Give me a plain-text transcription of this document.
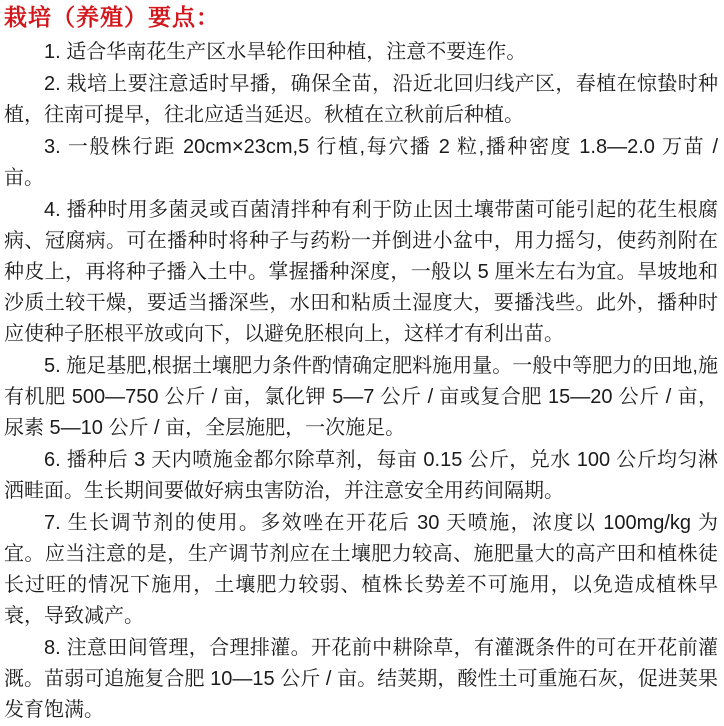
栽培（养殖）要点：

1. 适合华南花生产区水旱轮作田种植，注意不要连作。

2. 栽培上要注意适时早播，确保全苗，沿近北回归线产区，春植在惊蛰时种植，往南可提早，往北应适当延迟。秋植在立秋前后种植。

3. 一般株行距 20cm×23cm,5 行植,每穴播 2 粒,播种密度 1.8—2.0 万苗 / 亩。

4. 播种时用多菌灵或百菌清拌种有利于防止因土壤带菌可能引起的花生根腐病、冠腐病。可在播种时将种子与药粉一并倒进小盆中，用力摇匀，使药剂附在种皮上，再将种子播入土中。掌握播种深度，一般以 5 厘米左右为宜。旱坡地和沙质土较干燥，要适当播深些，水田和粘质土湿度大，要播浅些。此外，播种时应使种子胚根平放或向下，以避免胚根向上，这样才有利出苗。

5. 施足基肥,根据土壤肥力条件酌情确定肥料施用量。一般中等肥力的田地,施有机肥 500—750 公斤 / 亩，氯化钾 5—7 公斤 / 亩或复合肥 15—20 公斤 / 亩，尿素 5—10 公斤 / 亩，全层施肥，一次施足。

6. 播种后 3 天内喷施金都尔除草剂，每亩 0.15 公斤，兑水 100 公斤均匀淋洒畦面。生长期间要做好病虫害防治，并注意安全用药间隔期。

7. 生长调节剂的使用。多效唑在开花后 30 天喷施，浓度以 100mg/kg 为宜。应当注意的是，生产调节剂应在土壤肥力较高、施肥量大的高产田和植株徒长过旺的情况下施用，土壤肥力较弱、植株长势差不可施用，以免造成植株早衰，导致减产。

8. 注意田间管理，合理排灌。开花前中耕除草，有灌溉条件的可在开花前灌溉。苗弱可追施复合肥 10—15 公斤 / 亩。结荚期，酸性土可重施石灰，促进荚果发育饱满。
